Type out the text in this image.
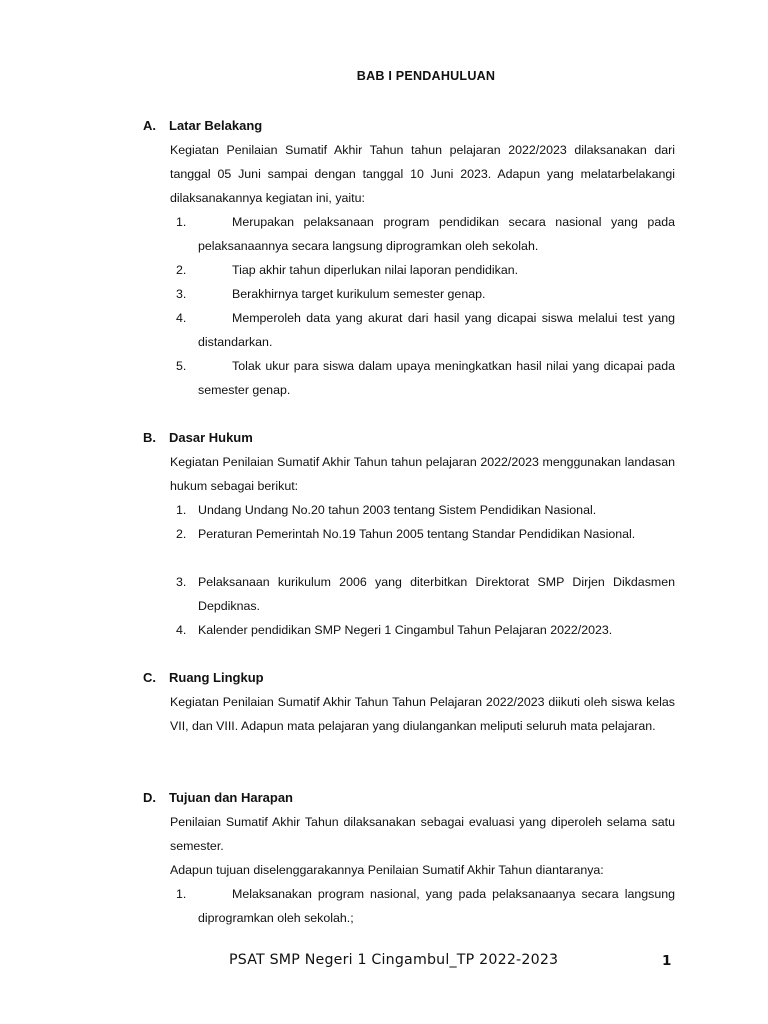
BAB I PENDAHULUAN
A. Latar Belakang

Kegiatan Penilaian Sumatif Akhir Tahun tahun pelajaran 2022/2023 dilaksanakan dari tanggal 05 Juni sampai dengan tanggal 10 Juni 2023. Adapun yang melatarbelakangi dilaksanakannya kegiatan ini, yaitu:

1.	Merupakan pelaksanaan program pendidikan secara nasional yang pada pelaksanaannya secara langsung diprogramkan oleh sekolah.
2.	Tiap akhir tahun diperlukan nilai laporan pendidikan.
3.	Berakhirnya target kurikulum semester genap.
4.	Memperoleh data yang akurat dari hasil yang dicapai siswa melalui test yang distandarkan.
5.	Tolak ukur para siswa dalam upaya meningkatkan hasil nilai yang dicapai pada semester genap.
B. Dasar Hukum

Kegiatan Penilaian Sumatif Akhir Tahun tahun pelajaran 2022/2023 menggunakan landasan hukum sebagai berikut:

1. Undang Undang No.20 tahun 2003 tentang Sistem Pendidikan Nasional.
2. Peraturan Pemerintah No.19 Tahun 2005 tentang Standar Pendidikan Nasional.
3. Pelaksanaan kurikulum 2006 yang diterbitkan Direktorat SMP Dirjen Dikdasmen Depdiknas.
4. Kalender pendidikan SMP Negeri 1 Cingambul Tahun Pelajaran 2022/2023.
C. Ruang Lingkup

Kegiatan Penilaian Sumatif Akhir Tahun Tahun Pelajaran 2022/2023 diikuti oleh siswa kelas VII, dan VIII. Adapun mata pelajaran yang diulangankan meliputi seluruh mata pelajaran.

D. Tujuan dan Harapan

Penilaian Sumatif Akhir Tahun dilaksanakan sebagai evaluasi yang diperoleh selama satu semester.

Adapun tujuan diselenggarakannya Penilaian Sumatif Akhir Tahun diantaranya:

1.	Melaksanakan program nasional, yang pada pelaksanaanya secara langsung diprogramkan oleh sekolah.;
PSAT SMP Negeri 1 Cingambul_TP 2022-2023	1
